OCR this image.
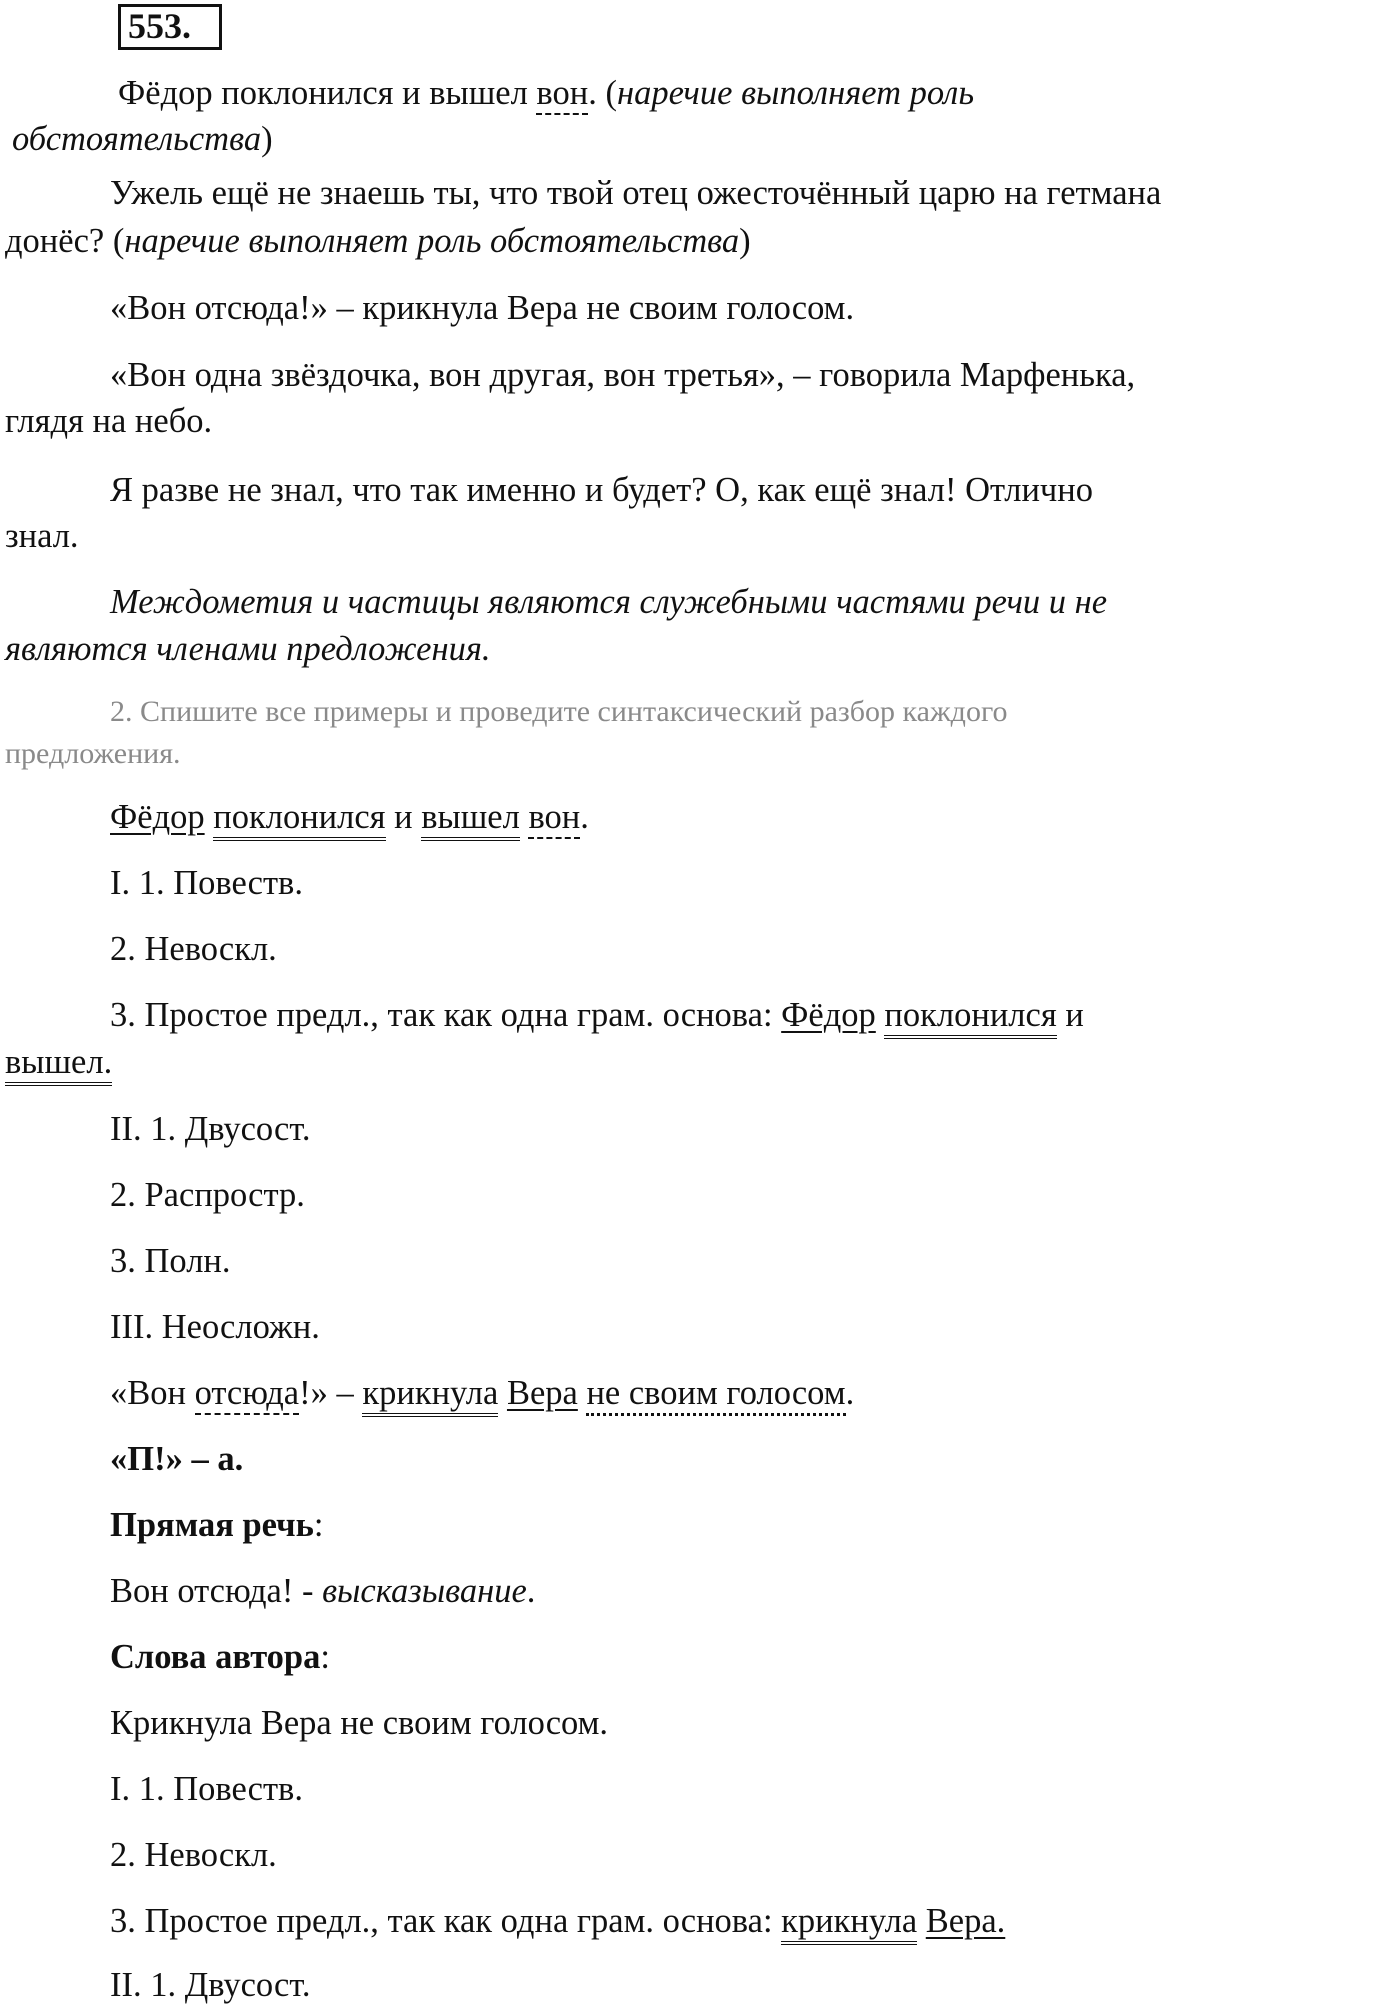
553.
Фёдор поклонился и вышел вон. (наречие выполняет роль
обстоятельства)
Ужель ещё не знаешь ты, что твой отец ожесточённый царю на гетмана
донёс? (наречие выполняет роль обстоятельства)
«Вон отсюда!» – крикнула Вера не своим голосом.
«Вон одна звёздочка, вон другая, вон третья», – говорила Марфенька,
глядя на небо.
Я разве не знал, что так именно и будет? О, как ещё знал! Отлично
знал.
Междометия и частицы являются служебными частями речи и не
являются членами предложения.
2. Спишите все примеры и проведите синтаксический разбор каждого
предложения.
Фёдор поклонился и вышел вон.
I. 1. Повеств.
2. Невоскл.
3. Простое предл., так как одна грам. основа: Фёдор поклонился и
вышел.
II. 1. Двусост.
2. Распростр.
3. Полн.
III. Неосложн.
«Вон отсюда!» – крикнула Вера не своим голосом.
«П!» – а.
Прямая речь:
Вон отсюда! - высказывание.
Слова автора:
Крикнула Вера не своим голосом.
I. 1. Повеств.
2. Невоскл.
3. Простое предл., так как одна грам. основа: крикнула Вера.
II. 1. Двусост.
